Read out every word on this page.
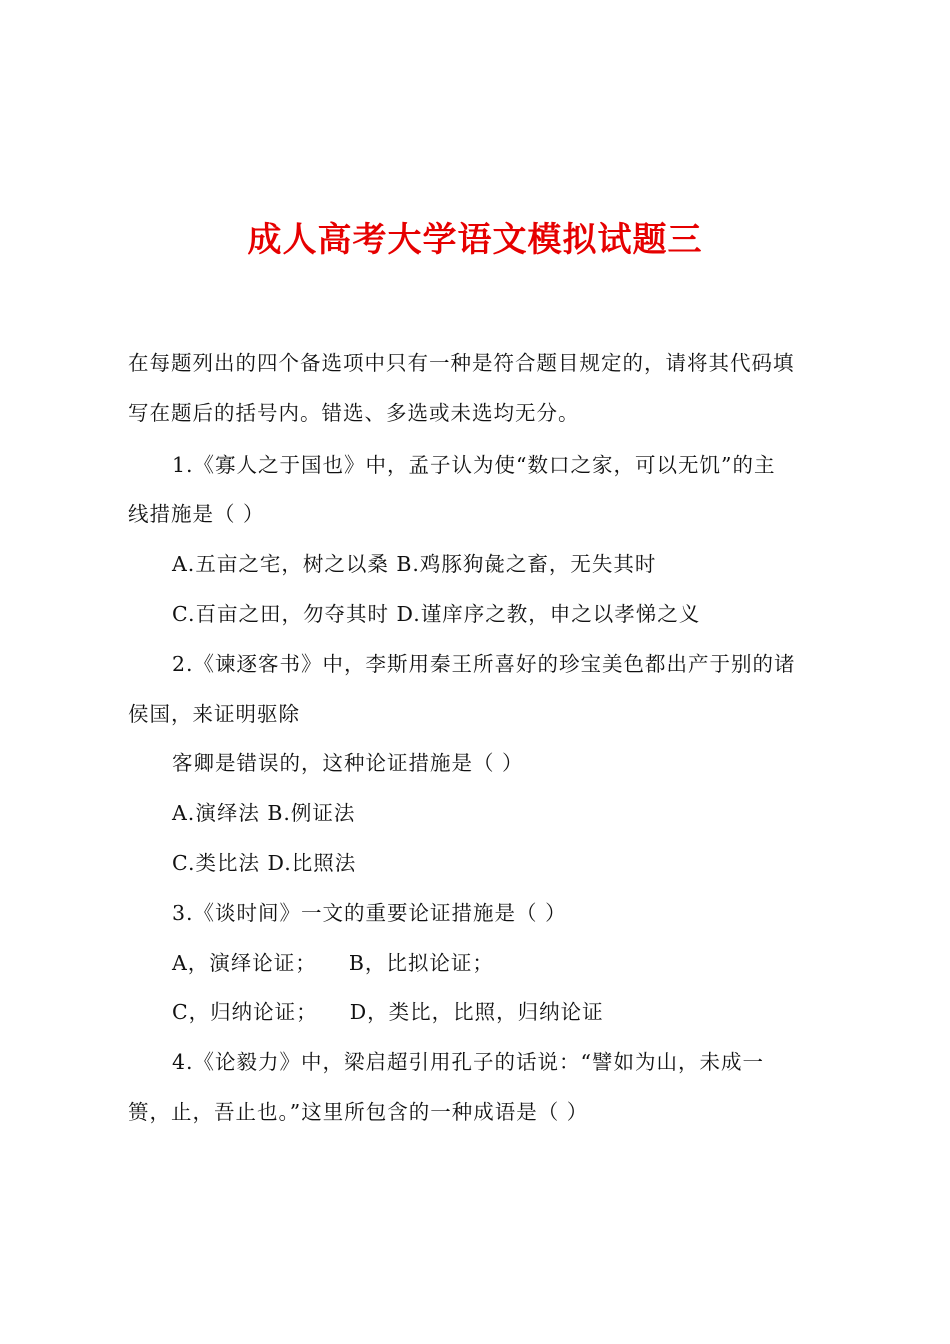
成人高考大学语文模拟试题三

在每题列出的四个备选项中只有一种是符合题目规定的，请将其代码填

写在题后的括号内。错选、多选或未选均无分。

1.《寡人之于国也》中，孟子认为使“数口之家，可以无饥”的主

线措施是（ ）

A.五亩之宅，树之以桑 B.鸡豚狗彘之畜，无失其时

C.百亩之田，勿夺其时 D.谨庠序之教，申之以孝悌之义

2.《谏逐客书》中，李斯用秦王所喜好的珍宝美色都出产于别的诸

侯国，来证明驱除

客卿是错误的，这种论证措施是（ ）

A.演绎法 B.例证法

C.类比法 D.比照法

3.《谈时间》一文的重要论证措施是（ ）

A，演绎论证； B，比拟论证；

C，归纳论证； D，类比，比照，归纳论证

4.《论毅力》中，梁启超引用孔子的话说：“譬如为山，未成一

篑，止，吾止也。”这里所包含的一种成语是（ ）
